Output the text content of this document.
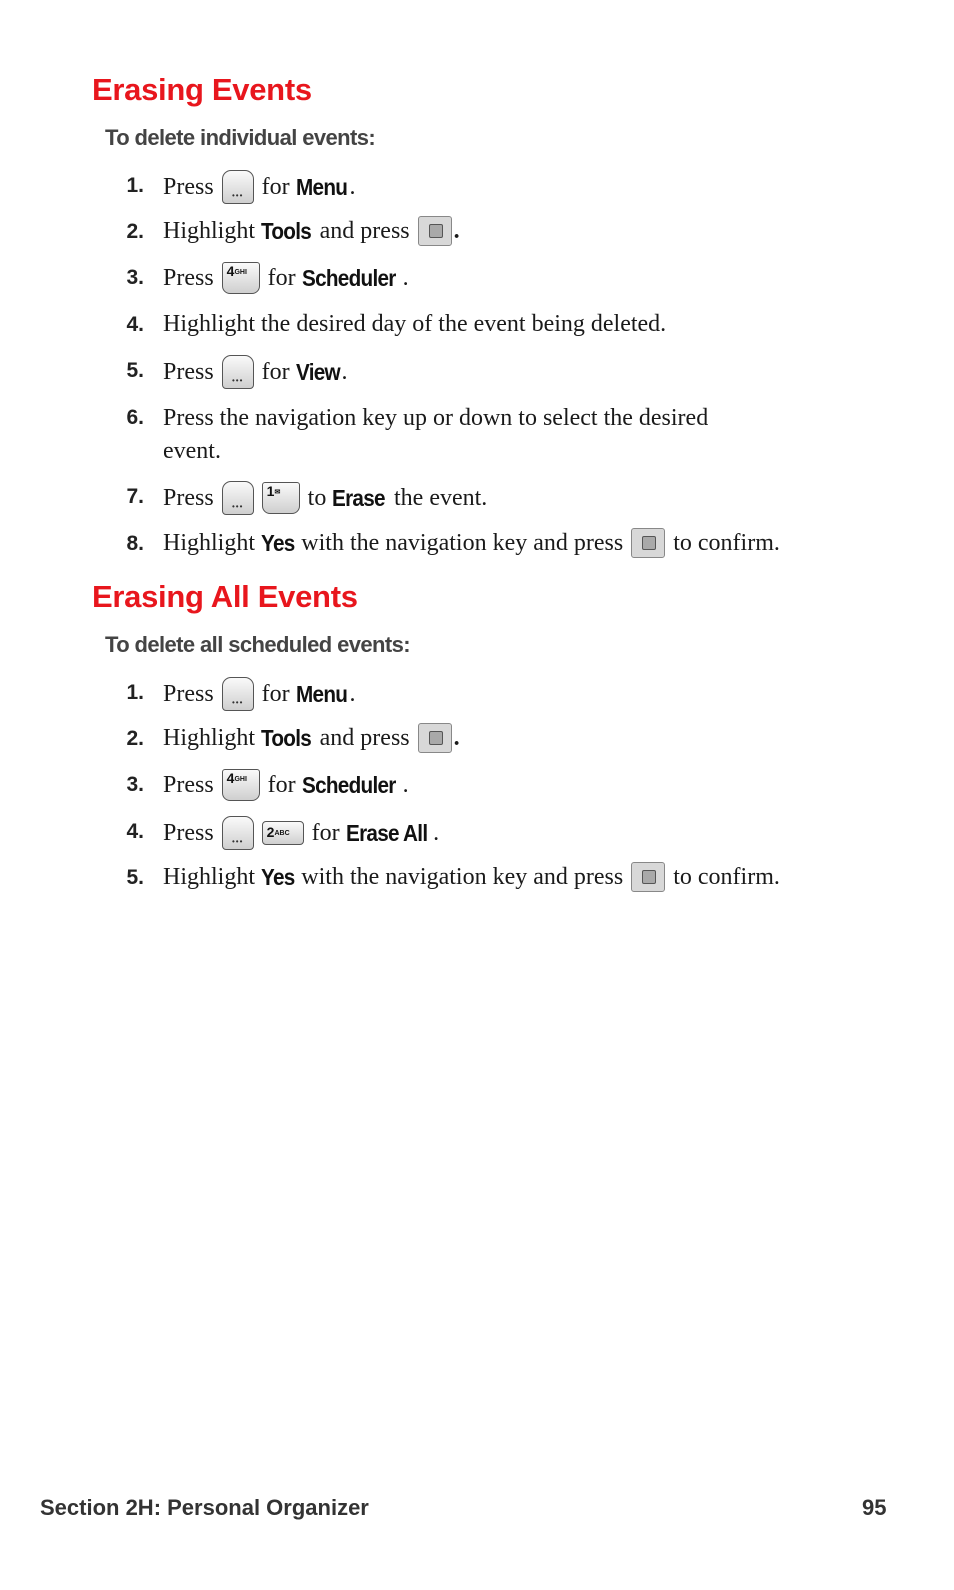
Erasing Events
To delete individual events:
1. Press ••• for
Menu .
2. Highlight
Tools
and press .
3. Press 4GHI for
Scheduler .
4. Highlight the desired day of the event being deleted.
5. Press ••• for
View .
6. Press the navigation key up or down to select the desired
event.
7. Press •••	1✉	to
Erase
the event.
8. Highlight
Yes
with the navigation key and press to confirm.
Erasing All Events
To delete all scheduled events:
1. Press ••• for
Menu .
2. Highlight
Tools
and press .
3. Press 4GHI for
Scheduler .
4. Press •••	2ABC for
Erase All .
5. Highlight
Yes
with the navigation key and press to confirm.
Section 2H: Personal Organizer	95
